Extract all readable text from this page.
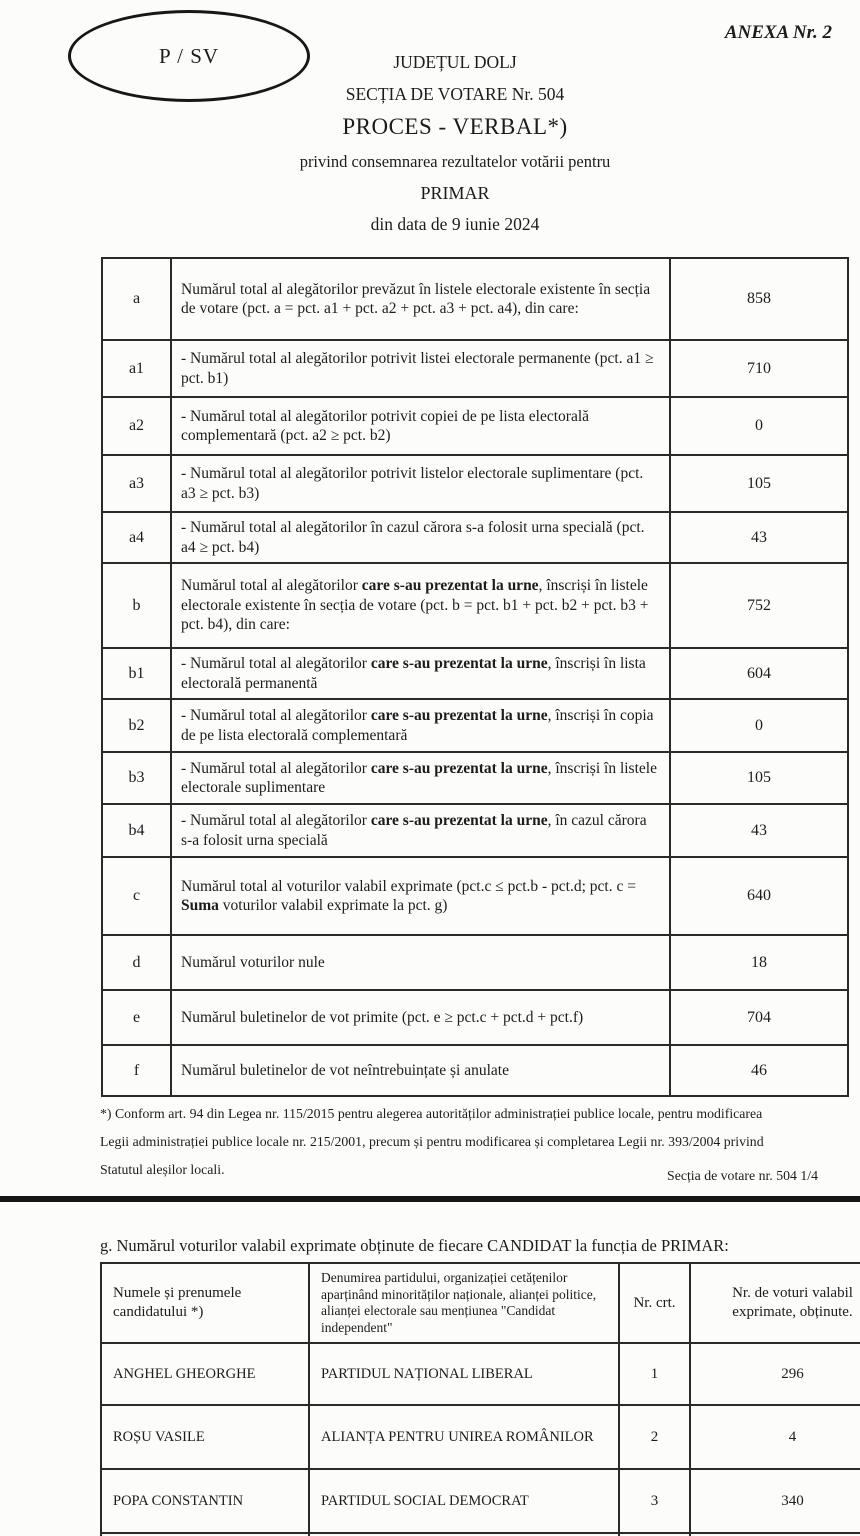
P / SV
ANEXA Nr. 2
JUDEȚUL DOLJ
SECȚIA DE VOTARE Nr. 504
PROCES - VERBAL*)
privind consemnarea rezultatelor votării pentru
PRIMAR
din data de 9 iunie 2024
a	Numărul total al alegătorilor prevăzut în listele electorale existente în secția de votare (pct. a = pct. a1 + pct. a2 + pct. a3 + pct. a4), din care:	858
a1	- Numărul total al alegătorilor potrivit listei electorale permanente (pct. a1 ≥ pct. b1)	710
a2	- Numărul total al alegătorilor potrivit copiei de pe lista electorală complementară (pct. a2 ≥ pct. b2)	0
a3	- Numărul total al alegătorilor potrivit listelor electorale suplimentare (pct. a3 ≥ pct. b3)	105
a4	- Numărul total al alegătorilor în cazul cărora s-a folosit urna specială (pct. a4 ≥ pct. b4)	43
b	Numărul total al alegătorilor care s-au prezentat la urne, înscriși în listele electorale existente în secția de votare (pct. b = pct. b1 + pct. b2 + pct. b3 + pct. b4), din care:	752
b1	- Numărul total al alegătorilor care s-au prezentat la urne, înscriși în lista electorală permanentă	604
b2	- Numărul total al alegătorilor care s-au prezentat la urne, înscriși în copia de pe lista electorală complementară	0
b3	- Numărul total al alegătorilor care s-au prezentat la urne, înscriși în listele electorale suplimentare	105
b4	- Numărul total al alegătorilor care s-au prezentat la urne, în cazul cărora s-a folosit urna specială	43
c	Numărul total al voturilor valabil exprimate (pct.c ≤ pct.b - pct.d; pct. c = Suma voturilor valabil exprimate la pct. g)	640
d	Numărul voturilor nule	18
e	Numărul buletinelor de vot primite (pct. e ≥ pct.c + pct.d + pct.f)	704
f	Numărul buletinelor de vot neîntrebuințate și anulate	46
*) Conform art. 94 din Legea nr. 115/2015 pentru alegerea autorităților administrației publice locale, pentru modificarea
Legii administrației publice locale nr. 215/2001, precum și pentru modificarea și completarea Legii nr. 393/2004 privind
Statutul aleșilor locali.	Secția de votare nr. 504 1/4
g. Numărul voturilor valabil exprimate obținute de fiecare CANDIDAT la funcția de PRIMAR:
Numele și prenumele candidatului *)	Denumirea partidului, organizației cetățenilor aparținând minorităților naționale, alianței politice, alianței electorale sau mențiunea "Candidat independent"	Nr. crt.	Nr. de voturi valabil exprimate, obținute.
ANGHEL GHEORGHE	PARTIDUL NAȚIONAL LIBERAL	1	296
ROȘU VASILE	ALIANȚA PENTRU UNIREA ROMÂNILOR	2	4
POPA CONSTANTIN	PARTIDUL SOCIAL DEMOCRAT	3	340
